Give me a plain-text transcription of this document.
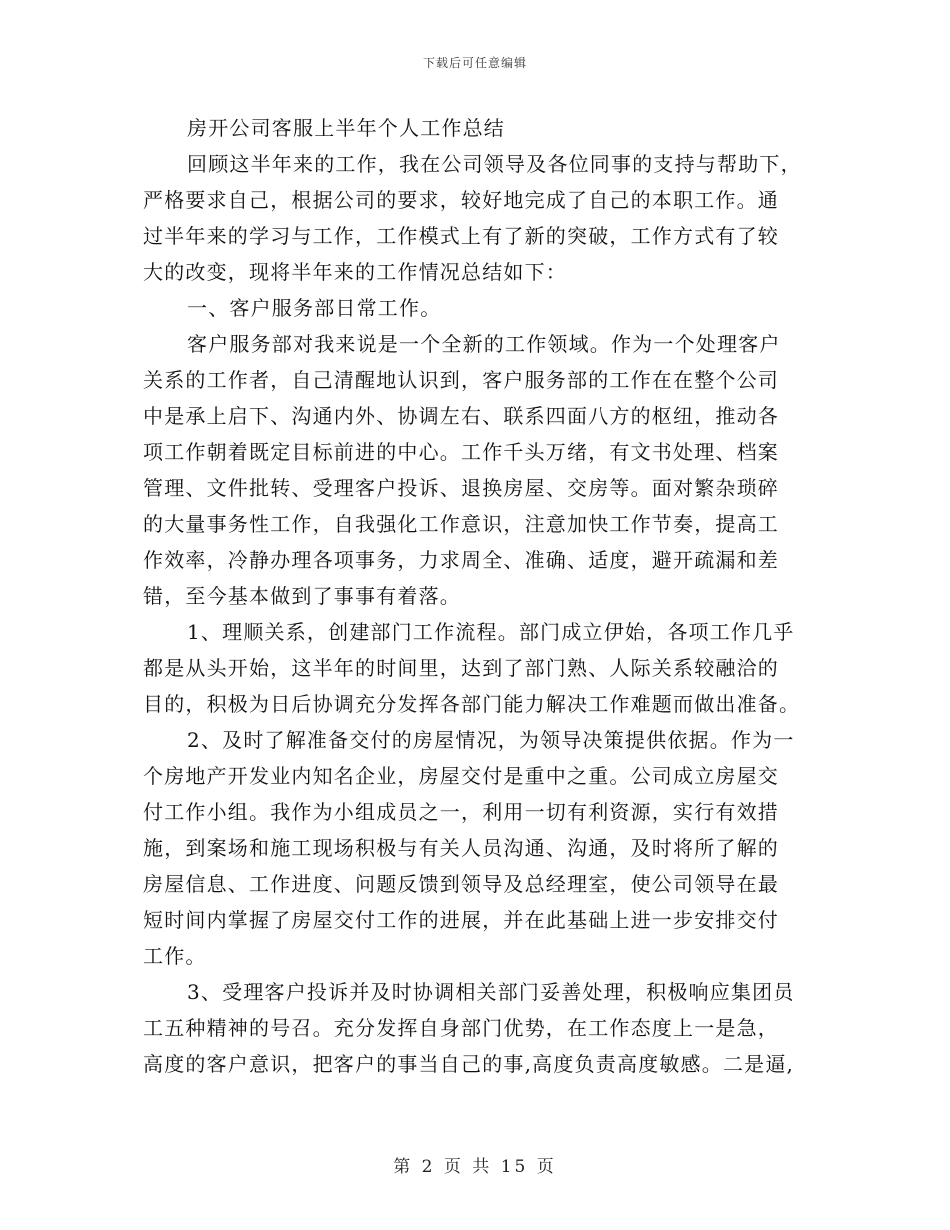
下载后可任意编辑
房开公司客服上半年个人工作总结
回顾这半年来的工作，我在公司领导及各位同事的支持与帮助下，
严格要求自己，根据公司的要求，较好地完成了自己的本职工作。通
过半年来的学习与工作，工作模式上有了新的突破，工作方式有了较
大的改变，现将半年来的工作情况总结如下：
一、客户服务部日常工作。
客户服务部对我来说是一个全新的工作领域。作为一个处理客户
关系的工作者，自己清醒地认识到，客户服务部的工作在在整个公司
中是承上启下、沟通内外、协调左右、联系四面八方的枢纽，推动各
项工作朝着既定目标前进的中心。工作千头万绪，有文书处理、档案
管理、文件批转、受理客户投诉、退换房屋、交房等。面对繁杂琐碎
的大量事务性工作，自我强化工作意识，注意加快工作节奏，提高工
作效率，冷静办理各项事务，力求周全、准确、适度，避开疏漏和差
错，至今基本做到了事事有着落。
1、理顺关系，创建部门工作流程。部门成立伊始，各项工作几乎
都是从头开始，这半年的时间里，达到了部门熟、人际关系较融洽的
目的，积极为日后协调充分发挥各部门能力解决工作难题而做出准备。
2、及时了解准备交付的房屋情况，为领导决策提供依据。作为一
个房地产开发业内知名企业，房屋交付是重中之重。公司成立房屋交
付工作小组。我作为小组成员之一，利用一切有利资源，实行有效措
施，到案场和施工现场积极与有关人员沟通、沟通，及时将所了解的
房屋信息、工作进度、问题反馈到领导及总经理室，使公司领导在最
短时间内掌握了房屋交付工作的进展，并在此基础上进一步安排交付
工作。
3、受理客户投诉并及时协调相关部门妥善处理，积极响应集团员
工五种精神的号召。充分发挥自身部门优势，在工作态度上一是急，
高度的客户意识，把客户的事当自己的事,高度负责高度敏感。二是逼,
第 2 页 共 15 页
